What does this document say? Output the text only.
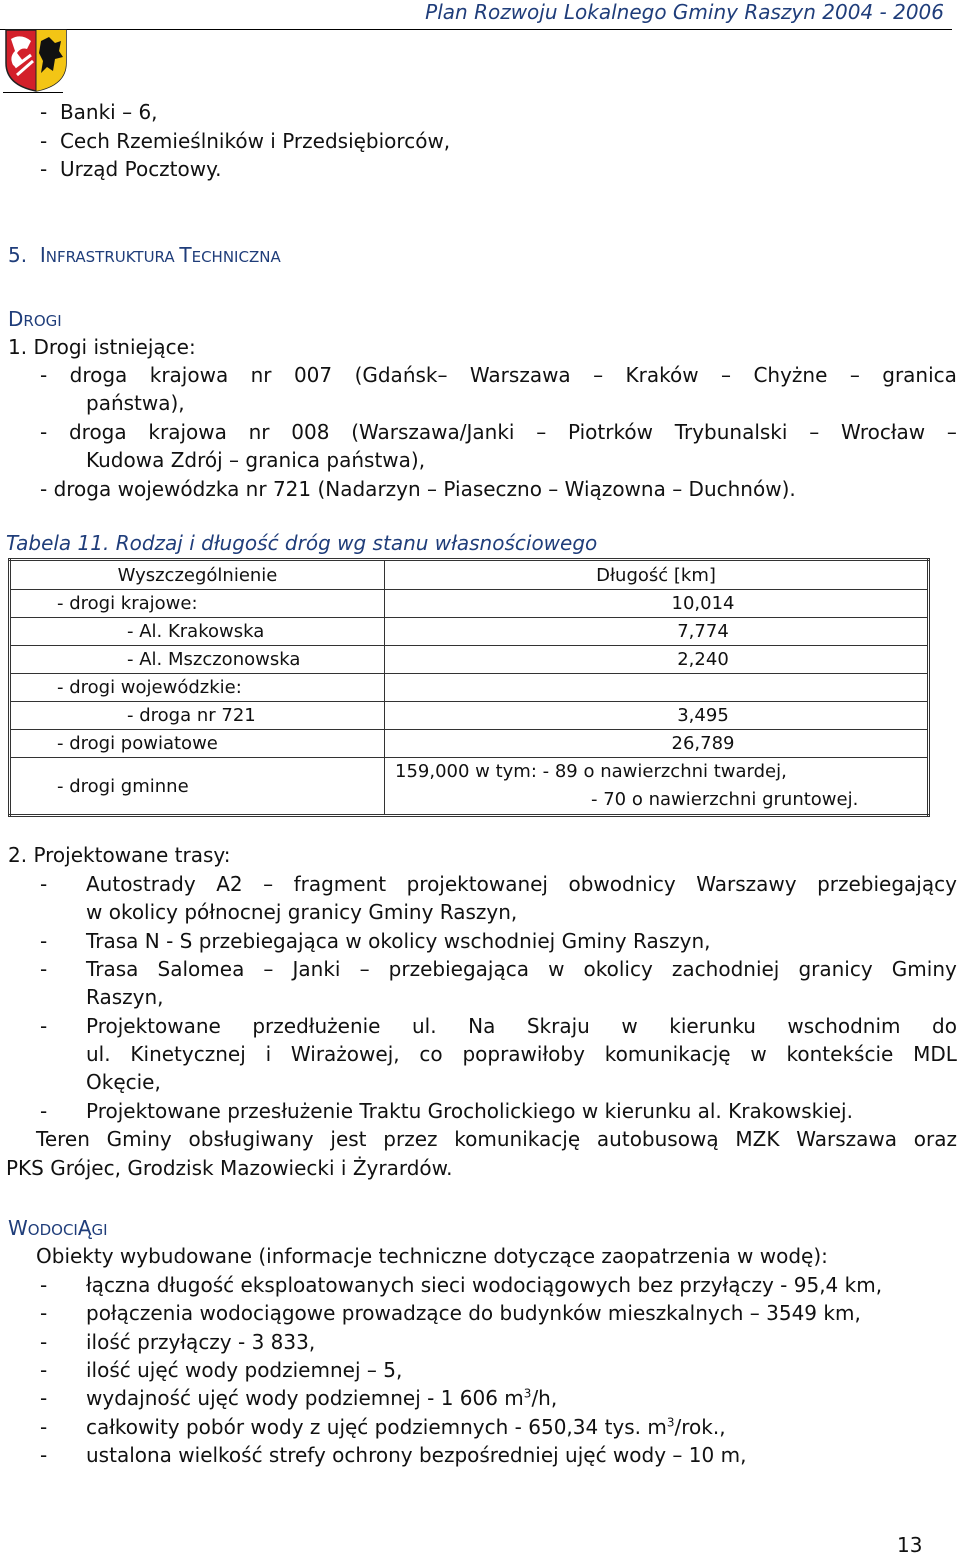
Plan Rozwoju Lokalnego Gminy Raszyn 2004 - 2006
-  Banki – 6,
-  Cech Rzemieślników i Przedsiębiorców,
-  Urząd Pocztowy.
5. INFRASTRUKTURA TECHNICZNA
DROGI
1. Drogi istniejące:
- droga krajowa nr 007 (Gdańsk– Warszawa – Kraków – Chyżne – granica
państwa),
- droga krajowa nr 008 (Warszawa/Janki – Piotrków Trybunalski – Wrocław –
Kudowa Zdrój – granica państwa),
- droga wojewódzka nr 721 (Nadarzyn – Piaseczno – Wiązowna – Duchnów).
Tabela 11. Rodzaj i długość dróg wg stanu własnościowego
Wyszczególnienie	Długość [km]
- drogi krajowe:	10,014
- Al. Krakowska	7,774
- Al. Mszczonowska	2,240
- drogi wojewódzkie:	
- droga nr 721	3,495
- drogi powiatowe	26,789
- drogi gminne	159,000 w tym: - 89 o nawierzchni twardej,
- 70 o nawierzchni gruntowej.
2. Projektowane trasy:
- Autostrady A2 – fragment projektowanej obwodnicy Warszawy przebiegający
w okolicy północnej granicy Gminy Raszyn,
- Trasa N - S przebiegająca w okolicy wschodniej Gminy Raszyn,
- Trasa Salomea – Janki – przebiegająca w okolicy zachodniej granicy Gminy
Raszyn,
- Projektowane przedłużenie ul. Na Skraju w kierunku wschodnim do
ul. Kinetycznej i Wirażowej, co poprawiłoby komunikację w kontekście MDL
Okęcie,
- Projektowane przesłużenie Traktu Grocholickiego w kierunku al. Krakowskiej.
Teren Gminy obsługiwany jest przez komunikację autobusową MZK Warszawa oraz
PKS Grójec, Grodzisk Mazowiecki i Żyrardów.
WODOCIĄGI
Obiekty wybudowane (informacje techniczne dotyczące zaopatrzenia w wodę):
- łączna długość eksploatowanych sieci wodociągowych bez przyłączy - 95,4 km,
- połączenia wodociągowe prowadzące do budynków mieszkalnych – 3549 km,
- ilość przyłączy - 3 833,
- ilość ujęć wody podziemnej – 5,
- wydajność ujęć wody podziemnej - 1 606 $m^3/h$,
- całkowity pobór wody z ujęć podziemnych - 650,34 tys. $m^3$/rok.,
- ustalona wielkość strefy ochrony bezpośredniej ujęć wody – 10 m,
13
